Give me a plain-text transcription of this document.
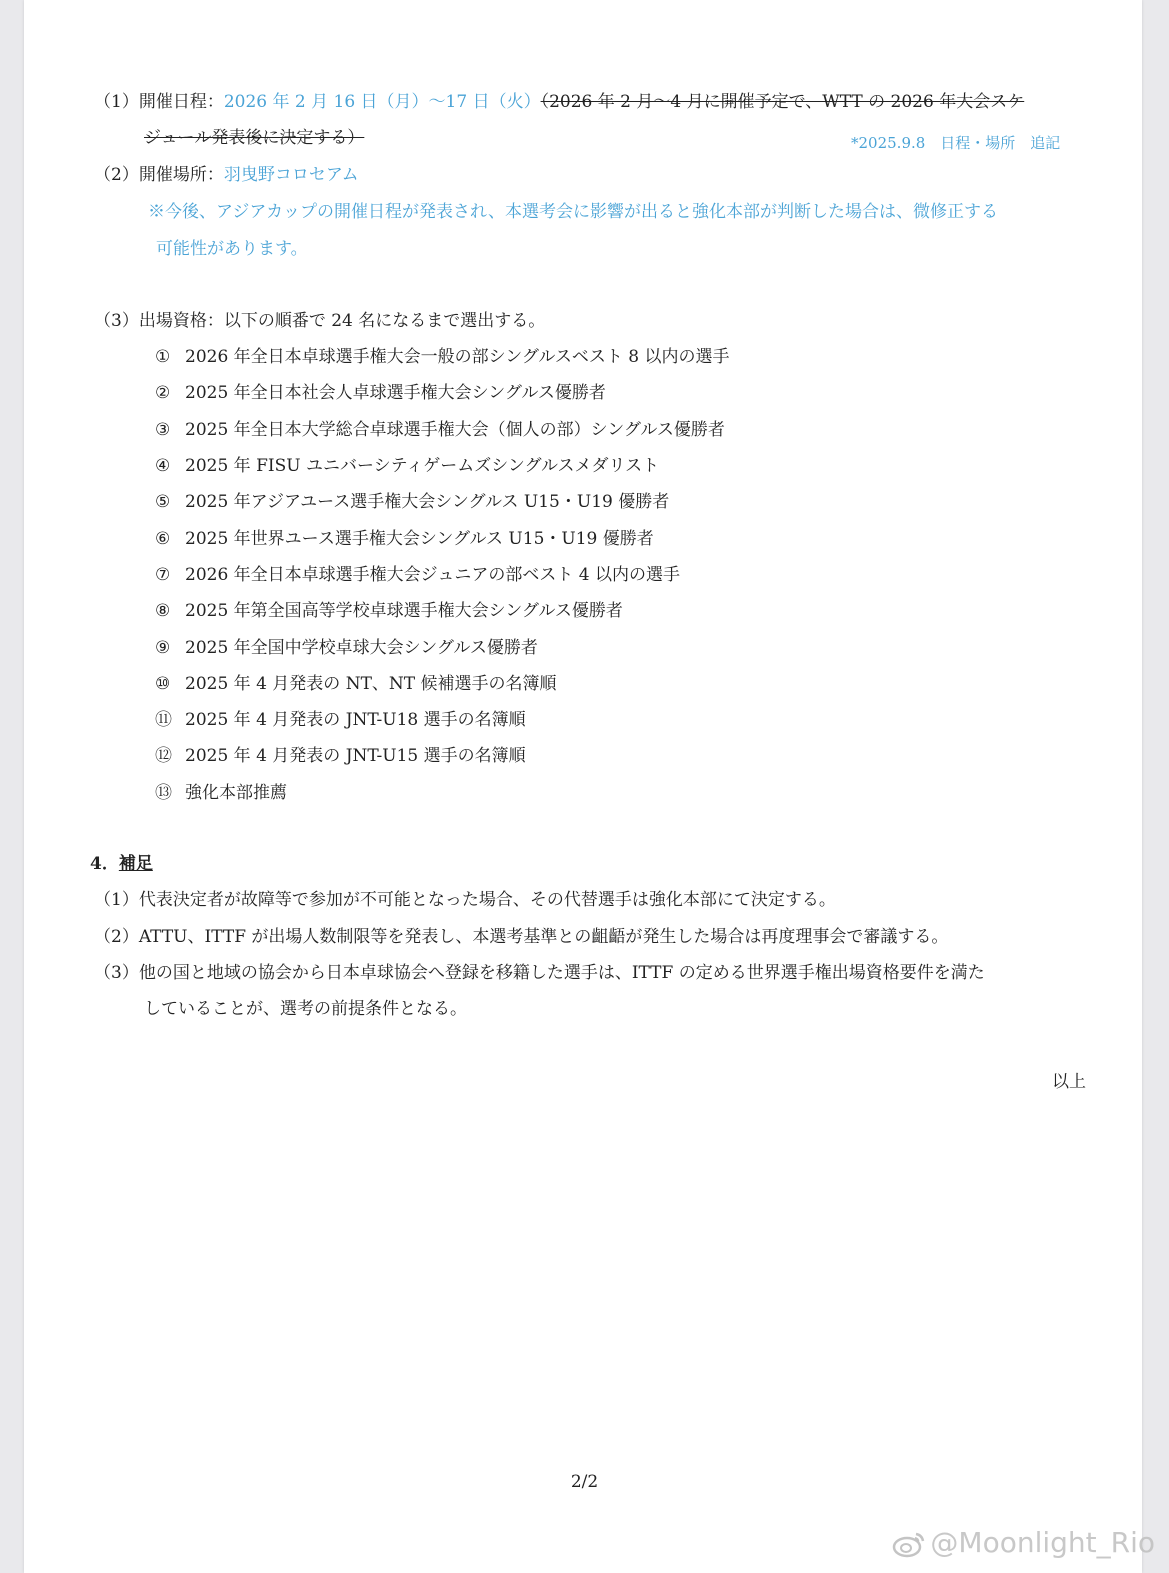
（1）開催日程：2026 年 2 月 16 日（月）〜17 日（火）（2026 年 2 月〜4 月に開催予定で、WTT の 2026 年大会スケ
ジュール発表後に決定する）	*2025.9.8　日程・場所　追記
（2）開催場所：羽曳野コロセアム
※今後、アジアカップの開催日程が発表され、本選考会に影響が出ると強化本部が判断した場合は、微修正する
可能性があります。
（3）出場資格：以下の順番で 24 名になるまで選出する。
① 2026 年全日本卓球選手権大会一般の部シングルスベスト 8 以内の選手
② 2025 年全日本社会人卓球選手権大会シングルス優勝者
③ 2025 年全日本大学総合卓球選手権大会（個人の部）シングルス優勝者
④ 2025 年 FISU ユニバーシティゲームズシングルスメダリスト
⑤ 2025 年アジアユース選手権大会シングルス U15・U19 優勝者
⑥ 2025 年世界ユース選手権大会シングルス U15・U19 優勝者
⑦ 2026 年全日本卓球選手権大会ジュニアの部ベスト 4 以内の選手
⑧ 2025 年第全国高等学校卓球選手権大会シングルス優勝者
⑨ 2025 年全国中学校卓球大会シングルス優勝者
⑩ 2025 年 4 月発表の NT、NT 候補選手の名簿順
⑪ 2025 年 4 月発表の JNT-U18 選手の名簿順
⑫ 2025 年 4 月発表の JNT-U15 選手の名簿順
⑬ 強化本部推薦
4．補足
（1）代表決定者が故障等で参加が不可能となった場合、その代替選手は強化本部にて決定する。
（2）ATTU、ITTF が出場人数制限等を発表し、本選考基準との齟齬が発生した場合は再度理事会で審議する。
（3）他の国と地域の協会から日本卓球協会へ登録を移籍した選手は、ITTF の定める世界選手権出場資格要件を満た
していることが、選考の前提条件となる。
以上
2/2
@Moonlight_Rio
